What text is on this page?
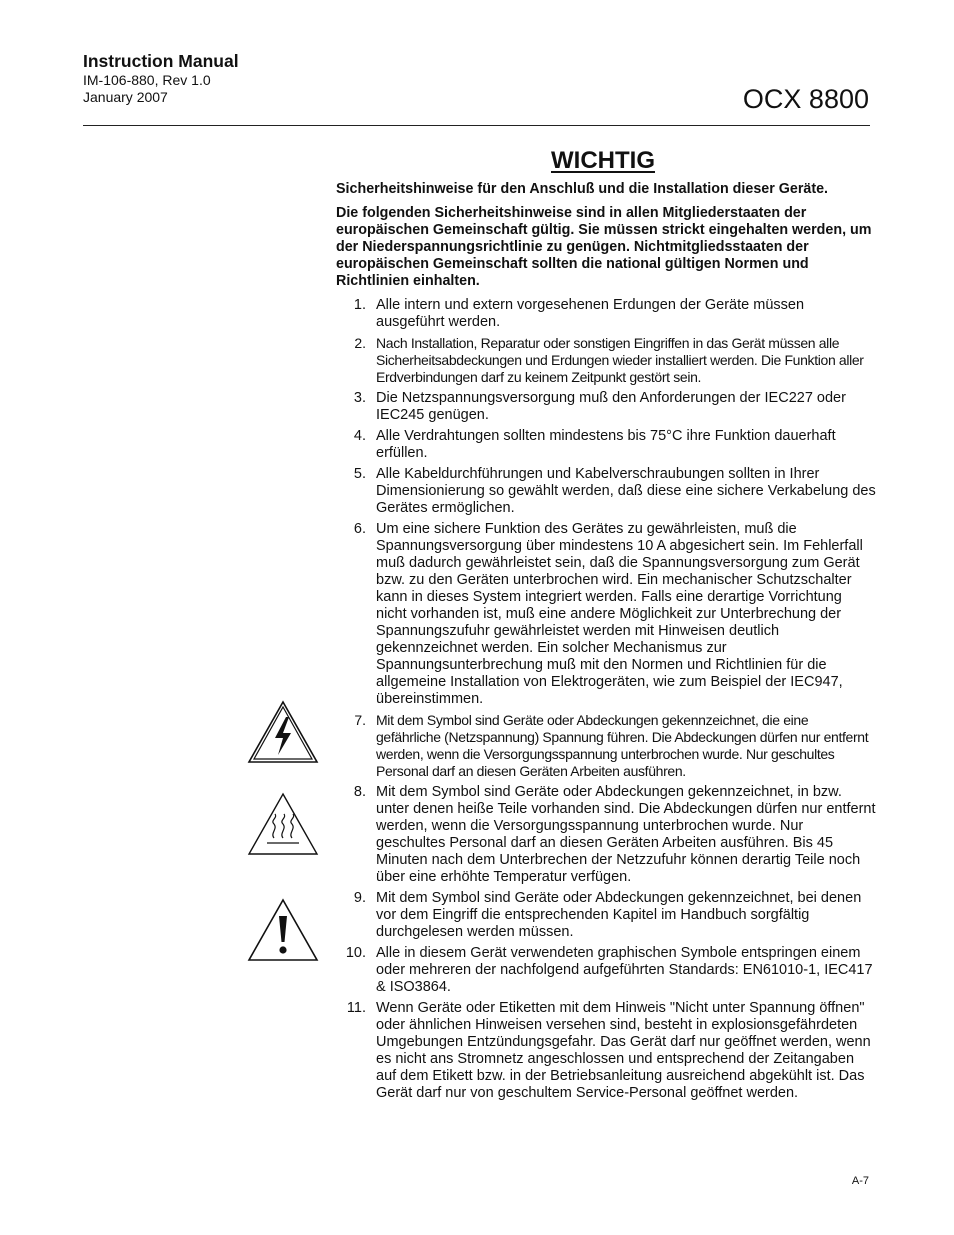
Instruction Manual
IM-106-880, Rev 1.0
January 2007	OCX 8800
WICHTIG
Sicherheitshinweise für den Anschluß und die Installation dieser Geräte.
Die folgenden Sicherheitshinweise sind in allen Mitgliederstaaten der europäischen Gemeinschaft gültig. Sie müssen strickt eingehalten werden, um der Niederspannungsrichtlinie zu genügen. Nichtmitgliedsstaaten der europäischen Gemeinschaft sollten die national gültigen Normen und Richtlinien einhalten.
1. Alle intern und extern vorgesehenen Erdungen der Geräte müssen ausgeführt werden.
2. Nach Installation, Reparatur oder sonstigen Eingriffen in das Gerät müssen alle Sicherheitsabdeckungen und Erdungen wieder installiert werden. Die Funktion aller Erdverbindungen darf zu keinem Zeitpunkt gestört sein.
3. Die Netzspannungsversorgung muß den Anforderungen der IEC227 oder IEC245 genügen.
4. Alle Verdrahtungen sollten mindestens bis 75°C ihre Funktion dauerhaft erfüllen.
5. Alle Kabeldurchführungen und Kabelverschraubungen sollten in Ihrer Dimensionierung so gewählt werden, daß diese eine sichere Verkabelung des Gerätes ermöglichen.
6. Um eine sichere Funktion des Gerätes zu gewährleisten, muß die Spannungsversorgung über mindestens 10 A abgesichert sein. Im Fehlerfall muß dadurch gewährleistet sein, daß die Spannungsversorgung zum Gerät bzw. zu den Geräten unterbrochen wird. Ein mechanischer Schutzschalter kann in dieses System integriert werden. Falls eine derartige Vorrichtung nicht vorhanden ist, muß eine andere Möglichkeit zur Unterbrechung der Spannungszufuhr gewährleistet werden mit Hinweisen deutlich gekennzeichnet werden. Ein solcher Mechanismus zur Spannungsunterbrechung muß mit den Normen und Richtlinien für die allgemeine Installation von Elektrogeräten, wie zum Beispiel der IEC947, übereinstimmen.
7. Mit dem Symbol sind Geräte oder Abdeckungen gekennzeichnet, die eine gefährliche (Netzspannung) Spannung führen. Die Abdeckungen dürfen nur entfernt werden, wenn die Versorgungsspannung unterbrochen wurde. Nur geschultes Personal darf an diesen Geräten Arbeiten ausführen.
8. Mit dem Symbol sind Geräte oder Abdeckungen gekennzeichnet, in bzw. unter denen heiße Teile vorhanden sind. Die Abdeckungen dürfen nur entfernt werden, wenn die Versorgungsspannung unterbrochen wurde. Nur geschultes Personal darf an diesen Geräten Arbeiten ausführen. Bis 45 Minuten nach dem Unterbrechen der Netzzufuhr können derartig Teile noch über eine erhöhte Temperatur verfügen.
9. Mit dem Symbol sind Geräte oder Abdeckungen gekennzeichnet, bei denen vor dem Eingriff die entsprechenden Kapitel im Handbuch sorgfältig durchgelesen werden müssen.
10. Alle in diesem Gerät verwendeten graphischen Symbole entspringen einem oder mehreren der nachfolgend aufgeführten Standards: EN61010-1, IEC417 & ISO3864.
11. Wenn Geräte oder Etiketten mit dem Hinweis "Nicht unter Spannung öffnen" oder ähnlichen Hinweisen versehen sind, besteht in explosionsgefährdeten Umgebungen Entzündungsgefahr. Das Gerät darf nur geöffnet werden, wenn es nicht ans Stromnetz angeschlossen und entsprechend der Zeitangaben auf dem Etikett bzw. in der Betriebsanleitung ausreichend abgekühlt ist. Das Gerät darf nur von geschultem Service-Personal geöffnet werden.
A-7
